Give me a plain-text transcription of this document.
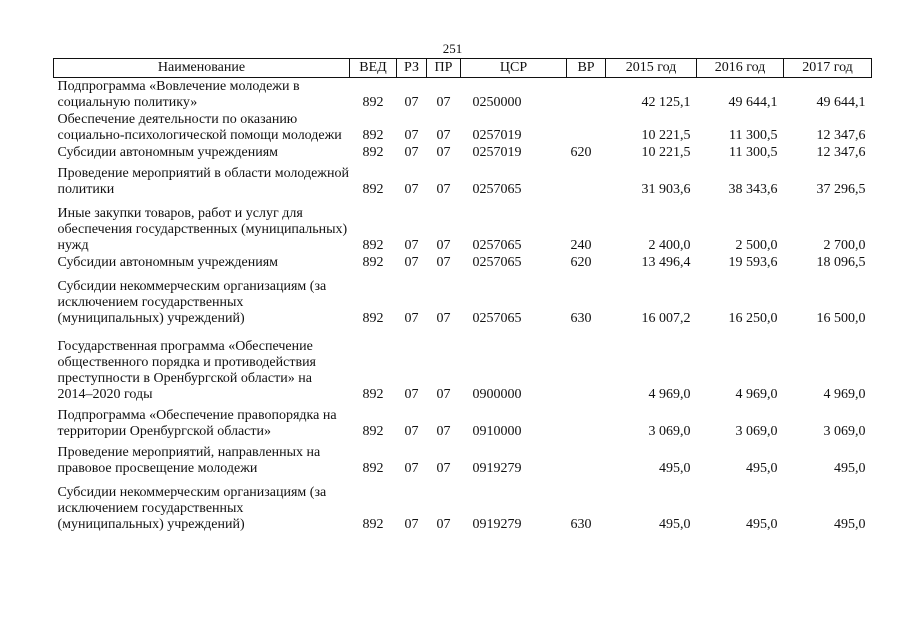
251
Наименование	ВЕД	РЗ	ПР	ЦСР	ВР	2015 год	2016 год	2017 год
Подпрограмма «Вовлечение молодежи в социальную политику»	892	07	07	0250000		42 125,1	49 644,1	49 644,1
Обеспечение деятельности по оказанию социально-психологической помощи молодежи	892	07	07	0257019		10 221,5	11 300,5	12 347,6
Субсидии автономным учреждениям	892	07	07	0257019	620	10 221,5	11 300,5	12 347,6
Проведение мероприятий в области молодежной политики	892	07	07	0257065		31 903,6	38 343,6	37 296,5
Иные закупки товаров, работ и услуг для обеспечения государственных (муниципальных) нужд	892	07	07	0257065	240	2 400,0	2 500,0	2 700,0
Субсидии автономным учреждениям	892	07	07	0257065	620	13 496,4	19 593,6	18 096,5
Субсидии некоммерческим организациям (за исключением государственных (муниципальных) учреждений)	892	07	07	0257065	630	16 007,2	16 250,0	16 500,0
Государственная программа «Обеспечение общественного порядка и противодействия преступности в Оренбургской области» на 2014–2020 годы	892	07	07	0900000		4 969,0	4 969,0	4 969,0
Подпрограмма «Обеспечение правопорядка на территории Оренбургской области»	892	07	07	0910000		3 069,0	3 069,0	3 069,0
Проведение мероприятий, направленных на правовое просвещение молодежи	892	07	07	0919279		495,0	495,0	495,0
Субсидии некоммерческим организациям (за исключением государственных (муниципальных) учреждений)	892	07	07	0919279	630	495,0	495,0	495,0
